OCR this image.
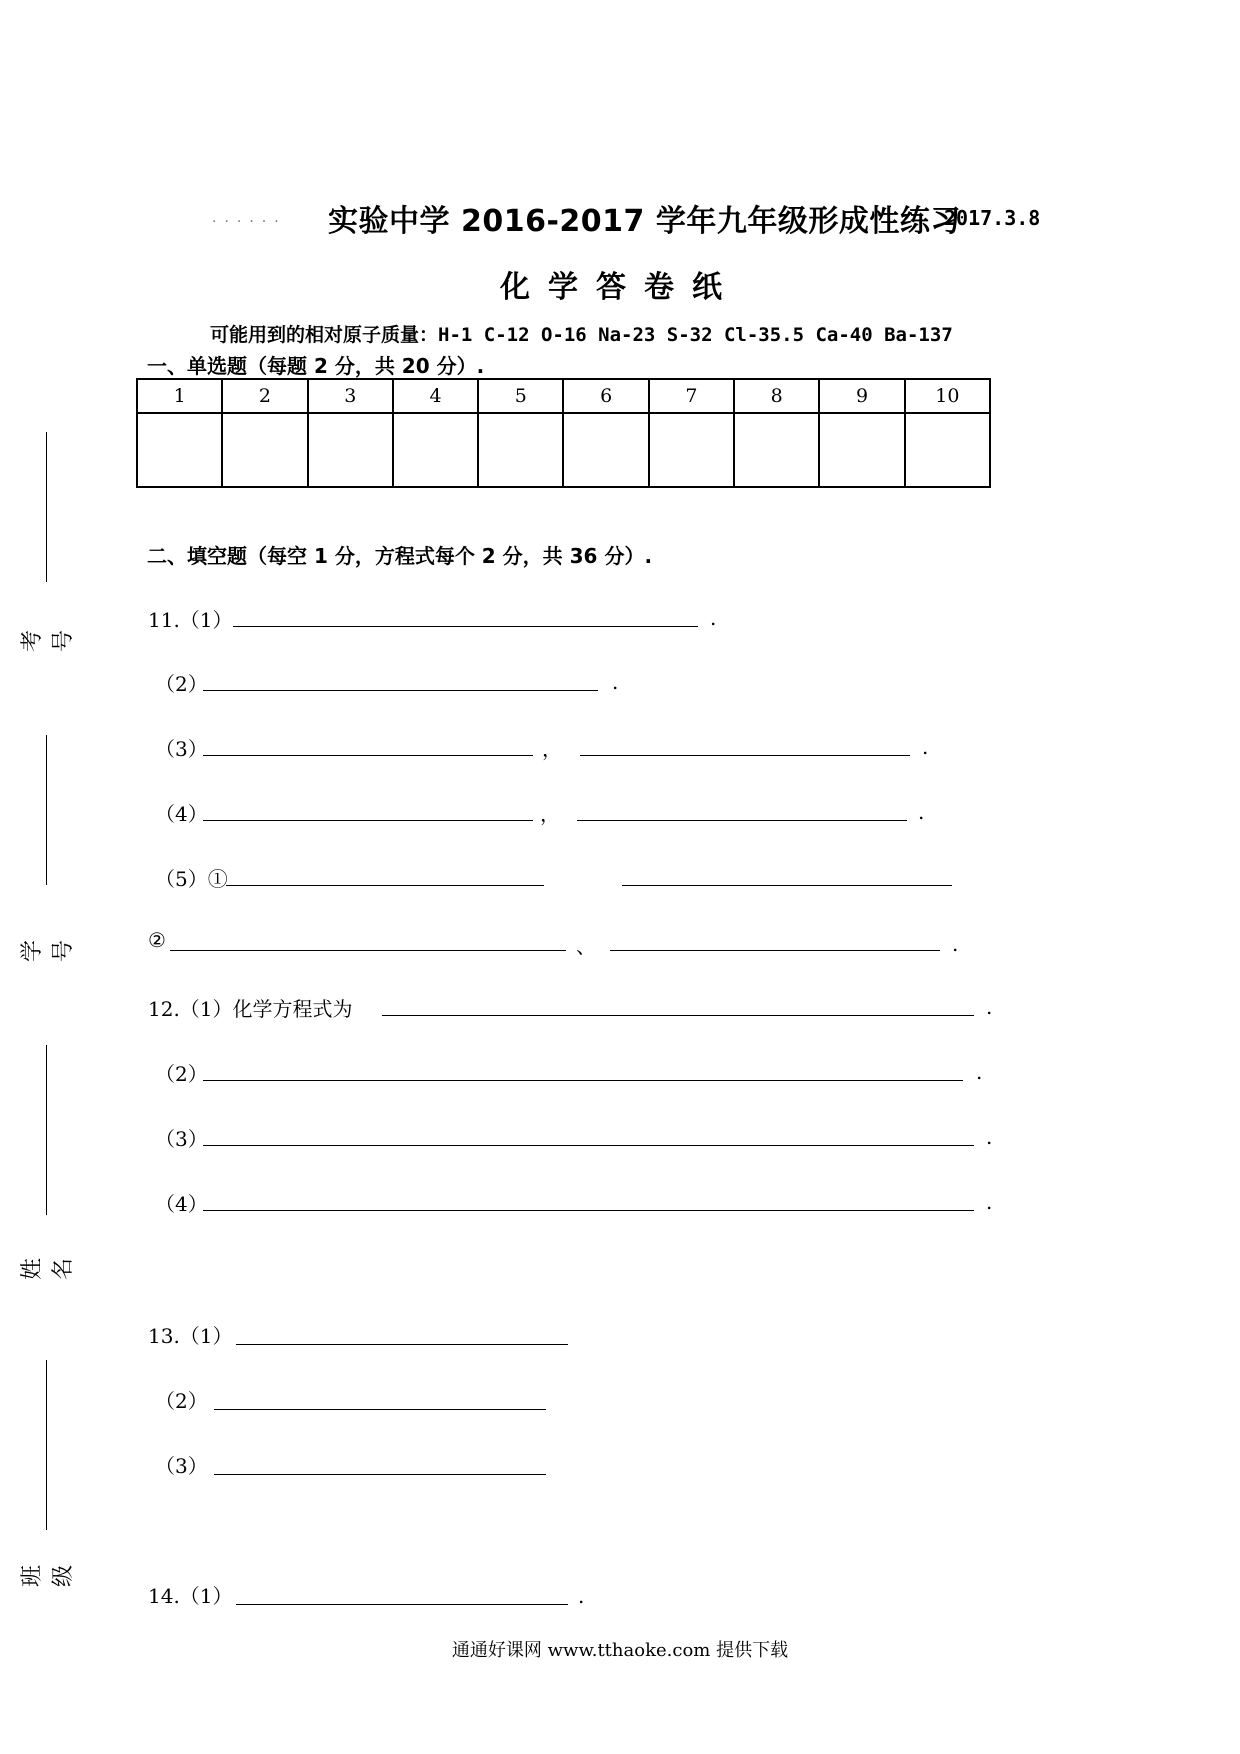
考号
学号
姓名
班级
...... 实验中学 2016-2017 学年九年级形成性练习
2017.3.8
化学答卷纸
可能用到的相对原子质量：H-1 C-12 O-16 Na-23 S-32 Cl-35.5 Ca-40 Ba-137
一、单选题（每题 2 分，共 20 分）.
1	2	3	4	5	6	7	8	9	10

二、填空题（每空 1 分，方程式每个 2 分，共 36 分）.
11.（1）	.
（2）	.
（3）	，	.
（4）	，	.
（5）①
②	、	.
12.（1）化学方程式为	.
（2）	.
（3）	.
（4）	.
13.（1）
（2）
（3）
14.（1）	.
通通好课网 www.tthaoke.com 提供下载
